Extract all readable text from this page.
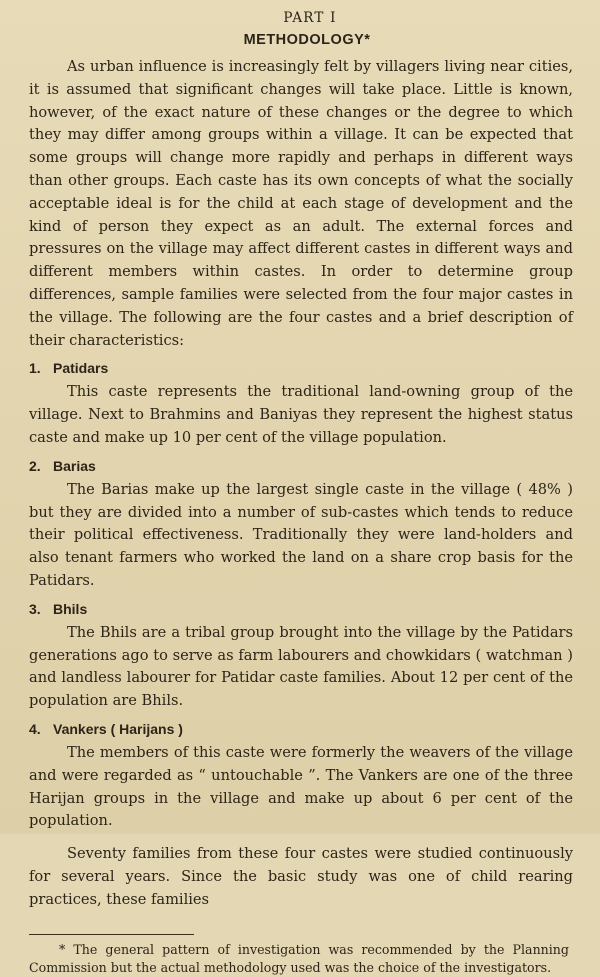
PART I

METHODOLOGY*

As urban influence is increasingly felt by villagers living near cities, it is assumed that significant changes will take place. Little is known, however, of the exact nature of these changes or the degree to which they may differ among groups within a village. It can be expected that some groups will change more rapidly and perhaps in different ways than other groups. Each caste has its own concepts of what the socially acceptable ideal is for the child at each stage of development and the kind of person they expect as an adult. The external forces and pressures on the village may affect different castes in different ways and different members within castes. In order to determine group differences, sample families were selected from the four major castes in the village. The following are the four castes and a brief description of their characteristics:

1. Patidars

This caste represents the traditional land-owning group of the village. Next to Brahmins and Baniyas they represent the highest status caste and make up 10 per cent of the village population.

2. Barias

The Barias make up the largest single caste in the village ( 48% ) but they are divided into a number of sub-castes which tends to reduce their political effectiveness. Traditionally they were land-holders and also tenant farmers who worked the land on a share crop basis for the Patidars.

3. Bhils

The Bhils are a tribal group brought into the village by the Patidars generations ago to serve as farm labourers and chowkidars ( watchman ) and landless labourer for Patidar caste families. About 12 per cent of the population are Bhils.

4. Vankers ( Harijans )

The members of this caste were formerly the weavers of the village and were regarded as “ untouchable ”. The Vankers are one of the three Harijan groups in the village and make up about 6 per cent of the population.

Seventy families from these four castes were studied continuously for several years. Since the basic study was one of child rearing practices, these families

* The general pattern of investigation was recommended by the Planning Commission but the actual methodology used was the choice of the investigators.
